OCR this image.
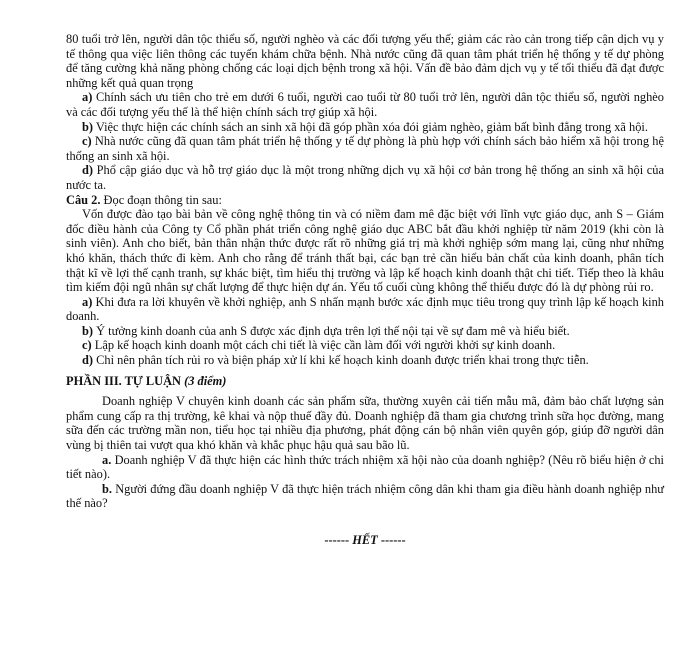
80 tuổi trở lên, người dân tộc thiểu số, người nghèo và các đối tượng yếu thế; giảm các rào cản trong tiếp cận dịch vụ y tế thông qua việc liên thông các tuyến khám chữa bệnh. Nhà nước cũng đã quan tâm phát triển hệ thống y tế dự phòng để tăng cường khả năng phòng chống các loại dịch bệnh trong xã hội. Vấn đề bảo đảm dịch vụ y tế tối thiểu đã đạt được những kết quả quan trọng

a) Chính sách ưu tiên cho trẻ em dưới 6 tuổi, người cao tuổi từ 80 tuổi trở lên, người dân tộc thiểu số, người nghèo và các đối tượng yếu thế là thể hiện chính sách trợ giúp xã hội.

b) Việc thực hiện các chính sách an sinh xã hội đã góp phần xóa đói giảm nghèo, giảm bất bình đẳng trong xã hội.

c) Nhà nước cũng đã quan tâm phát triển hệ thống y tế dự phòng là phù hợp với chính sách bảo hiểm xã hội trong hệ thống an sinh xã hội.

d) Phổ cập giáo dục và hỗ trợ giáo dục là một trong những dịch vụ xã hội cơ bản trong hệ thống an sinh xã hội của nước ta.

Câu 2. Đọc đoạn thông tin sau:

Vốn được đào tạo bài bản về công nghệ thông tin và có niềm đam mê đặc biệt với lĩnh vực giáo dục, anh S – Giám đốc điều hành của Công ty Cổ phần phát triển công nghệ giáo dục ABC bắt đầu khởi nghiệp từ năm 2019 (khi còn là sinh viên). Anh cho biết, bản thân nhận thức được rất rõ những giá trị mà khởi nghiệp sớm mang lại, cũng như những khó khăn, thách thức đi kèm. Anh cho rằng để tránh thất bại, các bạn trẻ cần hiểu bản chất của kinh doanh, phân tích thật kĩ về lợi thế cạnh tranh, sự khác biệt, tìm hiểu thị trường và lập kế hoạch kinh doanh thật chi tiết. Tiếp theo là khâu tìm kiếm đội ngũ nhân sự chất lượng để thực hiện dự án. Yếu tố cuối cùng không thể thiếu được đó là dự phòng rủi ro.

a) Khi đưa ra lời khuyên về khởi nghiệp, anh S nhấn mạnh bước xác định mục tiêu trong quy trình lập kế hoạch kinh doanh.

b) Ý tưởng kinh doanh của anh S được xác định dựa trên lợi thế nội tại về sự đam mê và hiểu biết.

c) Lập kế hoạch kinh doanh một cách chi tiết là việc cần làm đối với người khởi sự kinh doanh.

d) Chỉ nên phân tích rủi ro và biện pháp xử lí khi kế hoạch kinh doanh được triển khai trong thực tiễn.

PHẦN III. TỰ LUẬN (3 điểm)

Doanh nghiệp V chuyên kinh doanh các sản phẩm sữa, thường xuyên cải tiến mẫu mã, đảm bảo chất lượng sản phẩm cung cấp ra thị trường, kê khai và nộp thuế đầy đủ. Doanh nghiệp đã tham gia chương trình sữa học đường, mang sữa đến các trường mần non, tiểu học tại nhiều địa phương, phát động cán bộ nhân viên quyên góp, giúp đỡ người dân vùng bị thiên tai vượt qua khó khăn và khắc phục hậu quả sau bão lũ.

a. Doanh nghiệp V đã thực hiện các hình thức trách nhiệm xã hội nào của doanh nghiệp? (Nêu rõ biểu hiện ở chi tiết nào).

b. Người đứng đầu doanh nghiệp V đã thực hiện trách nhiệm công dân khi tham gia điều hành doanh nghiệp như thế nào?

------ HẾT ------
